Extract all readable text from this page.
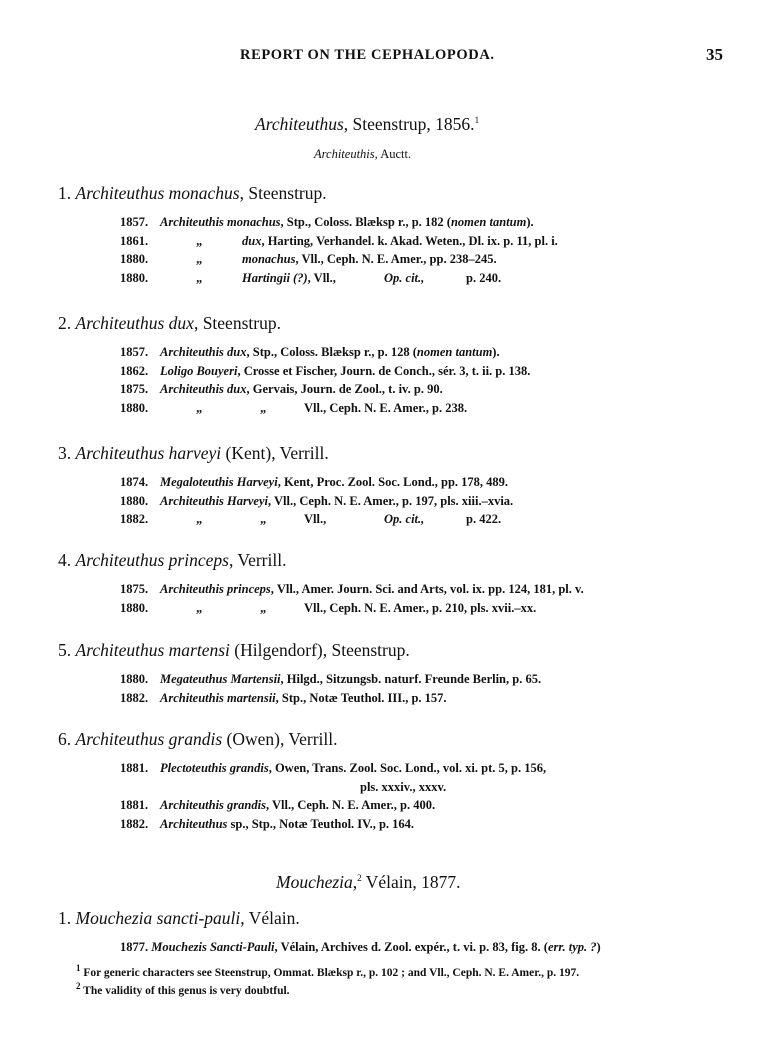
REPORT ON THE CEPHALOPODA.	35
Architeuthus, Steenstrup, 1856.$^1$
Architeuthis, Auctt.
1. Architeuthus monachus, Steenstrup.
1857. Architeuthis monachus, Stp., Coloss. Blæksp r., p. 182 (nomen tantum).
1861.	„	dux, Harting, Verhandel. k. Akad. Weten., Dl. ix. p. 11, pl. i.
1880.	„	monachus, Vll., Ceph. N. E. Amer., pp. 238–245.
1880.	„	Hartingii (?), Vll.,	Op. cit.,	p. 240.
2. Architeuthus dux, Steenstrup.
1857. Architeuthis dux, Stp., Coloss. Blæksp r., p. 128 (nomen tantum).
1862. Loligo Bouyeri, Crosse et Fischer, Journ. de Conch., sér. 3, t. ii. p. 138.
1875. Architeuthis dux, Gervais, Journ. de Zool., t. iv. p. 90.
1880.	„	„	Vll., Ceph. N. E. Amer., p. 238.
3. Architeuthus harveyi (Kent), Verrill.
1874. Megaloteuthis Harveyi, Kent, Proc. Zool. Soc. Lond., pp. 178, 489.
1880. Architeuthis Harveyi, Vll., Ceph. N. E. Amer., p. 197, pls. xiii.–xvia.
1882.	„	„	Vll.,	Op. cit.,	p. 422.
4. Architeuthus princeps, Verrill.
1875. Architeuthis princeps, Vll., Amer. Journ. Sci. and Arts, vol. ix. pp. 124, 181, pl. v.
1880.	„	„	Vll., Ceph. N. E. Amer., p. 210, pls. xvii.–xx.
5. Architeuthus martensi (Hilgendorf), Steenstrup.
1880. Megateuthus Martensii, Hilgd., Sitzungsb. naturf. Freunde Berlin, p. 65.
1882. Architeuthis martensii, Stp., Notæ Teuthol. III., p. 157.
6. Architeuthus grandis (Owen), Verrill.
1881. Plectoteuthis grandis, Owen, Trans. Zool. Soc. Lond., vol. xi. pt. 5, p. 156,
pls. xxxiv., xxxv.
1881. Architeuthis grandis, Vll., Ceph. N. E. Amer., p. 400.
1882. Architeuthus sp., Stp., Notæ Teuthol. IV., p. 164.
Mouchezia,$^2$ Vélain, 1877.
1. Mouchezia sancti-pauli, Vélain.
1877. Mouchezis Sancti-Pauli, Vélain, Archives d. Zool. expér., t. vi. p. 83, fig. 8. (err. typ. ?)
$^1$ For generic characters see Steenstrup, Ommat. Blæksp r., p. 102 ; and Vll., Ceph. N. E. Amer., p. 197.
$^2$ The validity of this genus is very doubtful.
